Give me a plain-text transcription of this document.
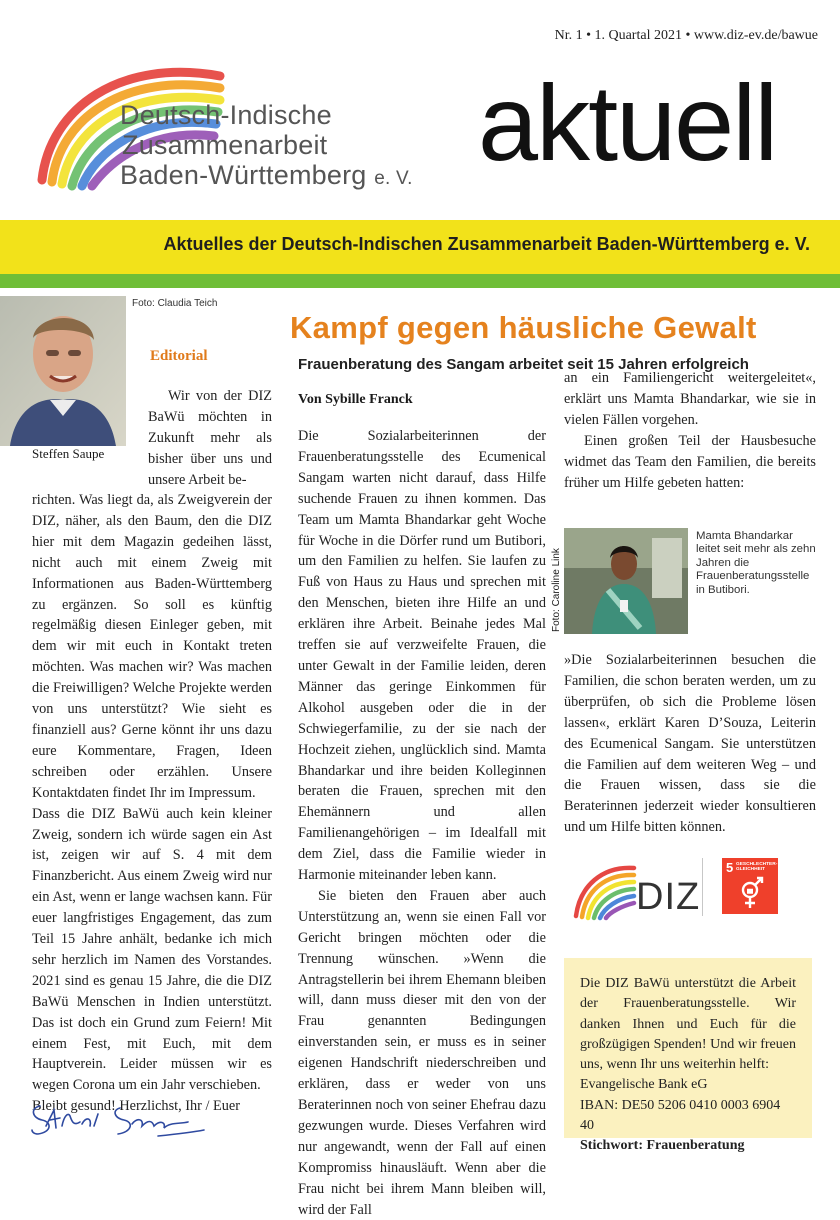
Nr. 1 • 1. Quartal 2021 • www.diz-ev.de/bawue
Deutsch-Indische
Zusammenarbeit
Baden-Württemberg e. V. aktuell
Aktuelles der Deutsch-Indischen Zusammenarbeit Baden-Württemberg e. V.
Foto: Claudia Teich
Steffen Saupe
Editorial

Wir von der DIZ BaWü möchten in Zukunft mehr als bisher über uns und unsere Arbeit be-

richten. Was liegt da, als Zweigverein der DIZ, näher, als den Baum, den die DIZ hier mit dem Magazin gedeihen lässt, nicht auch mit einem Zweig mit Informationen aus Baden-Württemberg zu ergänzen. So soll es künftig regelmäßig diesen Einleger geben, mit dem wir mit euch in Kontakt treten möchten. Was machen wir? Was machen die Freiwilligen? Welche Projekte werden von uns unterstützt? Wie sieht es finanziell aus? Gerne könnt ihr uns dazu eure Kommentare, Fragen, Ideen schreiben oder erzählen. Unsere Kontaktdaten findet Ihr im Impressum.

Dass die DIZ BaWü auch kein kleiner Zweig, sondern ich würde sagen ein Ast ist, zeigen wir auf S. 4 mit dem Finanzbericht. Aus einem Zweig wird nur ein Ast, wenn er lange wachsen kann. Für euer langfristiges Engagement, das zum Teil 15 Jahre anhält, bedanke ich mich sehr herzlich im Namen des Vorstandes. 2021 sind es genau 15 Jahre, die die DIZ BaWü Menschen in Indien unterstützt. Das ist doch ein Grund zum Feiern! Mit einem Fest, mit Euch, mit dem Hauptverein. Leider müssen wir es wegen Corona um ein Jahr verschieben.

Bleibt gesund! Herzlichst, Ihr / Euer

Kampf gegen häusliche Gewalt
Frauenberatung des Sangam arbeitet seit 15 Jahren erfolgreich
Von Sybille Franck

Die Sozialarbeiterinnen der Frauenberatungsstelle des Ecumenical Sangam warten nicht darauf, dass Hilfe suchende Frauen zu ihnen kommen. Das Team um Mamta Bhandarkar geht Woche für Woche in die Dörfer rund um Butibori, um den Familien zu helfen. Sie laufen zu Fuß von Haus zu Haus und sprechen mit den Menschen, bieten ihre Hilfe an und erklären ihre Arbeit. Beinahe jedes Mal treffen sie auf verzweifelte Frauen, die unter Gewalt in der Familie leiden, deren Männer das geringe Einkommen für Alkohol ausgeben oder die in der Schwiegerfamilie, zu der sie nach der Hochzeit ziehen, unglücklich sind. Mamta Bhandarkar und ihre beiden Kolleginnen beraten die Frauen, sprechen mit den Ehemännern und allen Familienangehörigen – im Idealfall mit dem Ziel, dass die Familie wieder in Harmonie miteinander leben kann.

Sie bieten den Frauen aber auch Unterstützung an, wenn sie einen Fall vor Gericht bringen möchten oder die Trennung wünschen. »Wenn die Antragstellerin bei ihrem Ehemann bleiben will, dann muss dieser mit den von der Frau genannten Bedingungen einverstanden sein, er muss es in seiner eigenen Handschrift niederschreiben und erklären, dass er weder von uns Beraterinnen noch von seiner Ehefrau dazu gezwungen wurde. Dieses Verfahren wird nur angewandt, wenn der Fall auf einen Kompromiss hinausläuft. Wenn aber die Frau nicht bei ihrem Mann bleiben will, wird der Fall

an ein Familiengericht weitergeleitet«, erklärt uns Mamta Bhandarkar, wie sie in vielen Fällen vorgehen.

Einen großen Teil der Hausbesuche widmet das Team den Familien, die bereits früher um Hilfe gebeten hatten:

Foto: Caroline Link
Mamta Bhandarkar leitet seit mehr als zehn Jahren die Frauenberatungsstelle in Butibori.

»Die Sozialarbeiterinnen besuchen die Familien, die schon beraten werden, um zu überprüfen, ob sich die Probleme lösen lassen«, erklärt Karen D’Souza, Leiterin des Ecumenical Sangam. Sie unterstützen die Familien auf dem weiteren Weg – und die Frauen wissen, dass sie die Beraterinnen jederzeit wieder konsultieren und um Hilfe bitten können.

DIZ
5 GESCHLECHTER-GLEICHHEIT
Die DIZ BaWü unterstützt die Arbeit der Frauenberatungsstelle. Wir danken Ihnen und Euch für die großzügigen Spenden! Und wir freuen uns, wenn Ihr uns weiterhin helft:
Evangelische Bank eG
IBAN: DE50 5206 0410 0003 6904 40
Stichwort: Frauenberatung
